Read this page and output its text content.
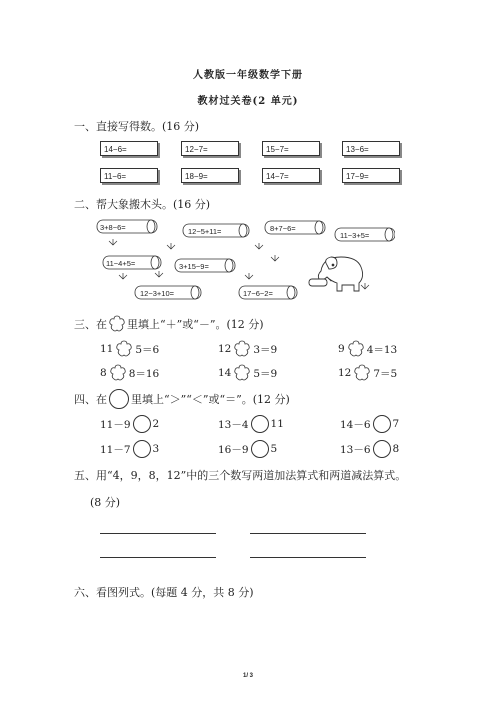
人教版一年级数学下册
教材过关卷(2 单元)
一、直接写得数。(16 分)
14−6=	12−7=	15−7=	13−6=
11−6=	18−9=	14−7=	17−9=
二、帮大象搬木头。(16 分)
3+8−6=	12−5+11=	8+7−6=
11−3+5=
11−4+5=	3+15−9=
12−3+10=	17−6−2=
三、在 里填上“＋”或“－”。(12 分)
11 5＝6	12 3＝9	9 4＝13
8 8＝16	14 5＝9	12 7＝5
四、在 里填上“＞”“＜”或“＝”。(12 分)
11－9 2	13－4 11	14－6 7
11－7 3	16－9 5	13－6 8
五、用“4，9，8，12”中的三个数写两道加法算式和两道减法算式。
(8 分)
六、看图列式。(每题 4 分，共 8 分)
1/ 3
